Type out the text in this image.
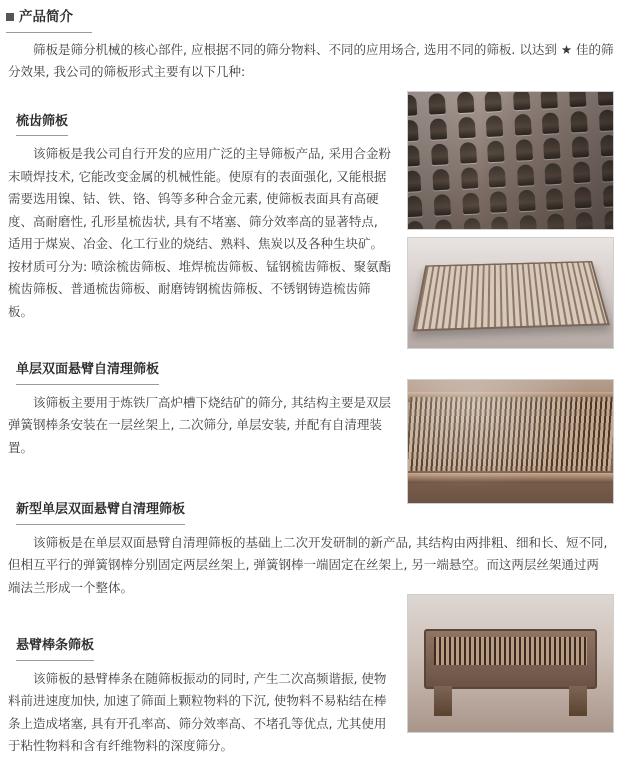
产品简介

筛板是筛分机械的核心部件, 应根据不同的筛分物料、不同的应用场合, 选用不同的筛板. 以达到 ★ 佳的筛分效果, 我公司的筛板形式主要有以下几种:

梳齿筛板

该筛板是我公司自行开发的应用广泛的主导筛板产品, 采用合金粉末喷焊技术, 它能改变金属的机械性能。使原有的表面强化, 又能根据需要选用镍、钴、铁、铬、钨等多种合金元素, 使筛板表面具有高硬度、高耐磨性, 孔形星梳齿状, 具有不堵塞、筛分效率高的显著特点, 适用于煤炭、冶金、化工行业的烧结、熟料、焦炭以及各种生块矿。按材质可分为: 喷涂梳齿筛板、堆焊梳齿筛板、锰钢梳齿筛板、聚氨酯梳齿筛板、普通梳齿筛板、耐磨铸钢梳齿筛板、不锈钢铸造梳齿筛板。

单层双面悬臂自清理筛板

该筛板主要用于炼铁厂高炉槽下烧结矿的筛分, 其结构主要是双层弹簧钢棒条安装在一层丝架上, 二次筛分, 单层安装, 并配有自清理装置。

新型单层双面悬臂自清理筛板

该筛板是在单层双面悬臂自清理筛板的基础上二次开发研制的新产品, 其结构由两排粗、细和长、短不同, 但相互平行的弹簧钢棒分别固定两层丝架上, 弹簧钢棒一端固定在丝架上, 另一端悬空。而这两层丝架通过两端法兰形成一个整体。

悬臂棒条筛板

该筛板的悬臂棒条在随筛板振动的同时, 产生二次高频谐振, 使物料前进速度加快, 加速了筛面上颗粒物料的下沉, 使物料不易粘结在棒条上造成堵塞, 具有开孔率高、筛分效率高、不堵孔等优点, 尤其使用于粘性物料和含有纤维物料的深度筛分。
